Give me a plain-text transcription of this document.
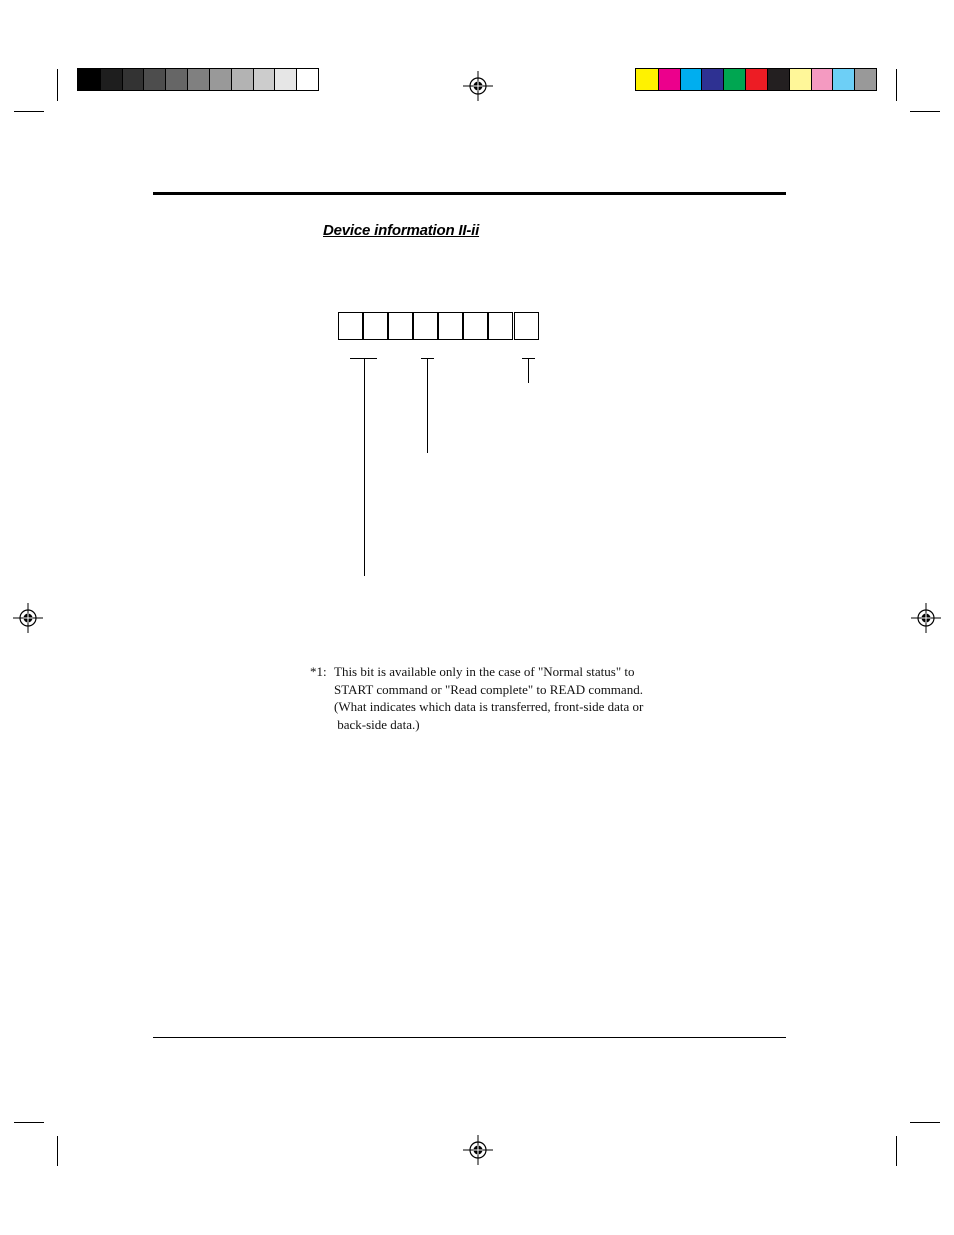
Device information II-ii
*1: This bit is available only in the case of "Normal status" to
START command or "Read complete" to READ command.
(What indicates which data is transferred, front-side data or
back-side data.)
